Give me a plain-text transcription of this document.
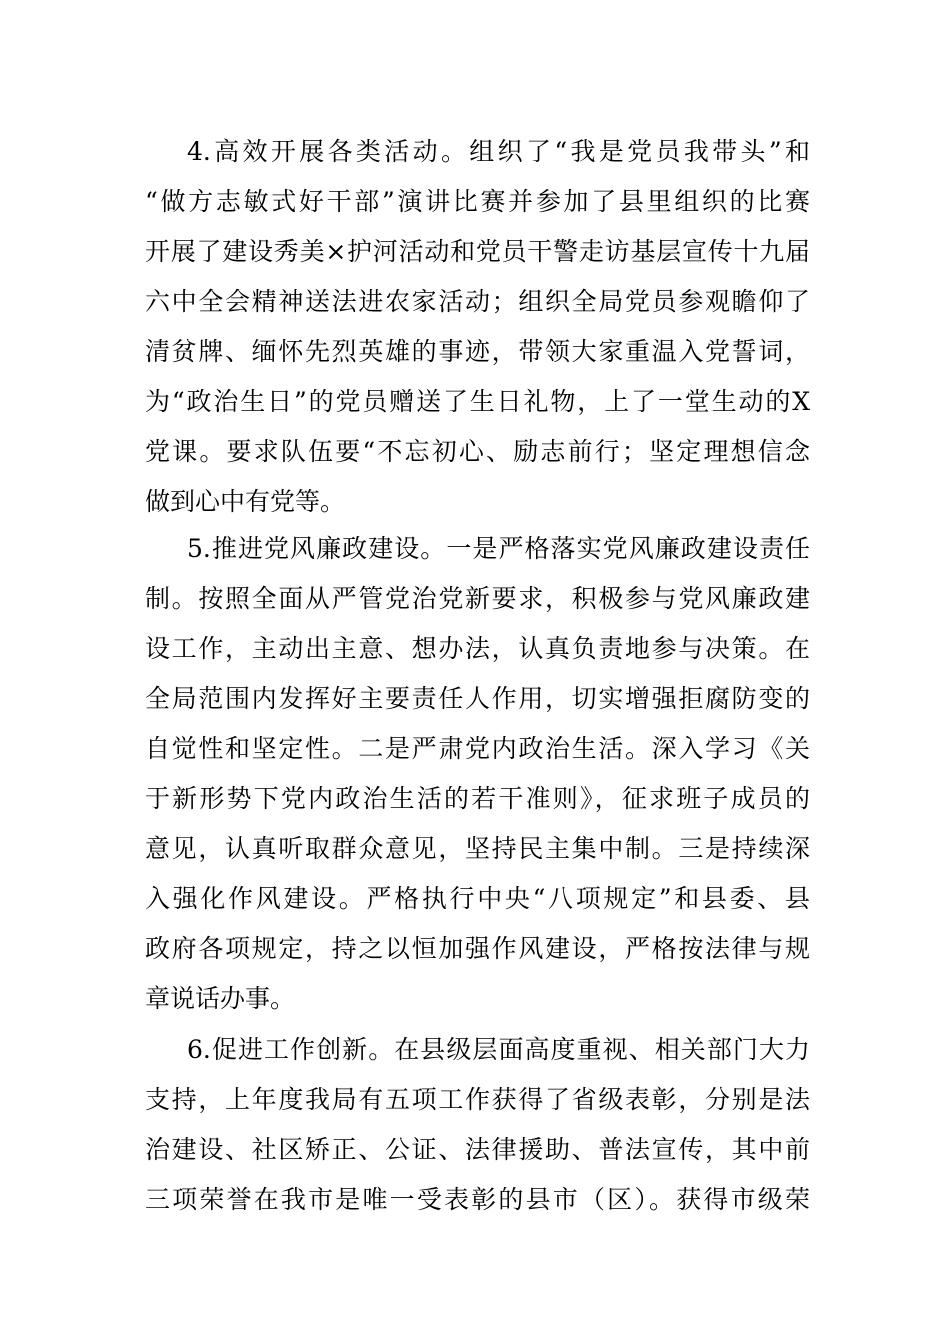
4.高效开展各类活动。组织了“我是党员我带头”和
“做方志敏式好干部”演讲比赛并参加了县里组织的比赛
开展了建设秀美×护河活动和党员干警走访基层宣传十九届
六中全会精神送法进农家活动；组织全局党员参观瞻仰了
清贫牌、缅怀先烈英雄的事迹，带领大家重温入党誓词，
为“政治生日”的党员赠送了生日礼物，上了一堂生动的X
党课。要求队伍要“不忘初心、励志前行；坚定理想信念
做到心中有党等。
5.推进党风廉政建设。一是严格落实党风廉政建设责任
制。按照全面从严管党治党新要求，积极参与党风廉政建
设工作，主动出主意、想办法，认真负责地参与决策。在
全局范围内发挥好主要责任人作用，切实增强拒腐防变的
自觉性和坚定性。二是严肃党内政治生活。深入学习《关
于新形势下党内政治生活的若干准则》，征求班子成员的
意见，认真听取群众意见，坚持民主集中制。三是持续深
入强化作风建设。严格执行中央“八项规定”和县委、县
政府各项规定，持之以恒加强作风建设，严格按法律与规
章说话办事。
6.促进工作创新。在县级层面高度重视、相关部门大力
支持，上年度我局有五项工作获得了省级表彰，分别是法
治建设、社区矫正、公证、法律援助、普法宣传，其中前
三项荣誉在我市是唯一受表彰的县市（区）。获得市级荣
